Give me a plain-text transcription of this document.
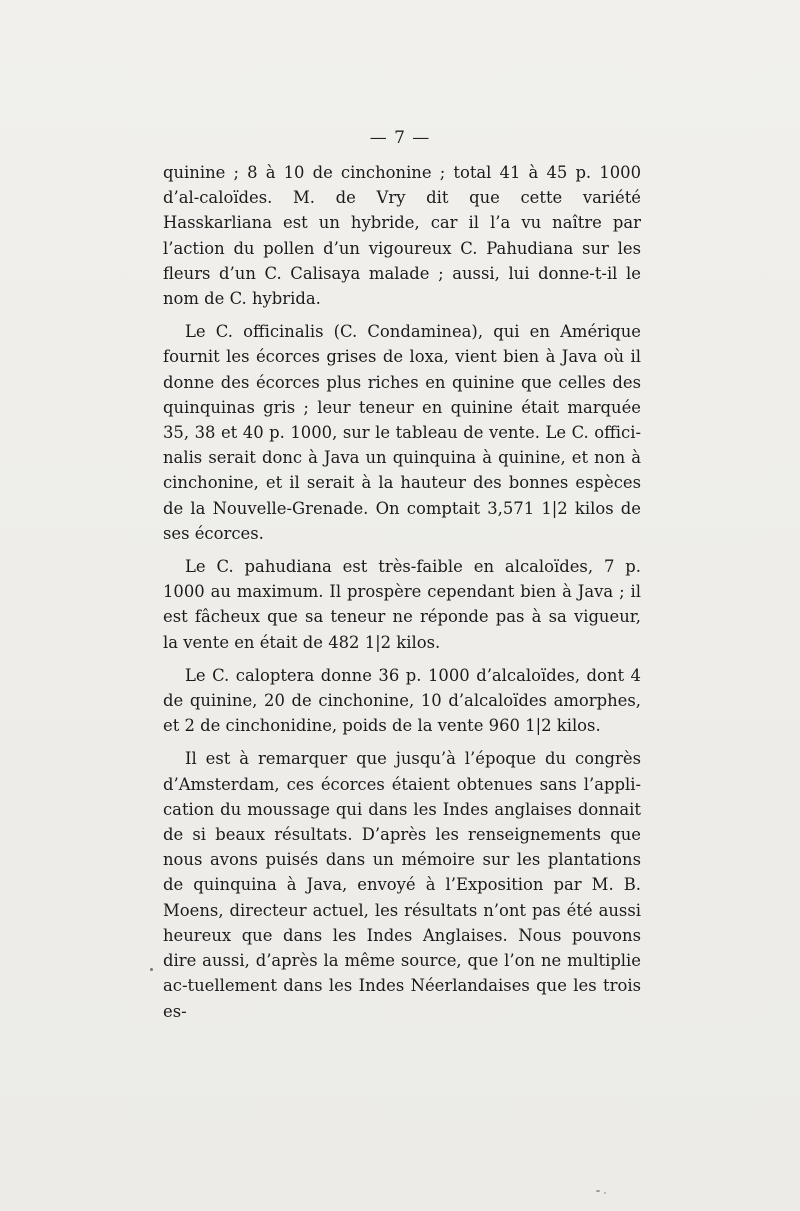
— 7 —

quinine ; 8 à 10 de cinchonine ; total 41 à 45 p. 1000 d’al-caloïdes. M. de Vry dit que cette variété Hasskarliana est un hybride, car il l’a vu naître par l’action du pollen d’un vigoureux C. Pahudiana sur les fleurs d’un C. Calisaya malade ; aussi, lui donne-t-il le nom de C. hybrida.

Le C. officinalis (C. Condaminea), qui en Amérique fournit les écorces grises de loxa, vient bien à Java où il donne des écorces plus riches en quinine que celles des quinquinas gris ; leur teneur en quinine était marquée 35, 38 et 40 p. 1000, sur le tableau de vente. Le C. offici-nalis serait donc à Java un quinquina à quinine, et non à cinchonine, et il serait à la hauteur des bonnes espèces de la Nouvelle-Grenade. On comptait 3,571 1|2 kilos de ses écorces.

Le C. pahudiana est très-faible en alcaloïdes, 7 p. 1000 au maximum. Il prospère cependant bien à Java ; il est fâcheux que sa teneur ne réponde pas à sa vigueur, la vente en était de 482 1|2 kilos.

Le C. caloptera donne 36 p. 1000 d’alcaloïdes, dont 4 de quinine, 20 de cinchonine, 10 d’alcaloïdes amorphes, et 2 de cinchonidine, poids de la vente 960 1|2 kilos.

Il est à remarquer que jusqu’à l’époque du congrès d’Amsterdam, ces écorces étaient obtenues sans l’appli-cation du moussage qui dans les Indes anglaises donnait de si beaux résultats. D’après les renseignements que nous avons puisés dans un mémoire sur les plantations de quinquina à Java, envoyé à l’Exposition par M. B. Moens, directeur actuel, les résultats n’ont pas été aussi heureux que dans les Indes Anglaises. Nous pouvons dire aussi, d’après la même source, que l’on ne multiplie ac-tuellement dans les Indes Néerlandaises que les trois es-
